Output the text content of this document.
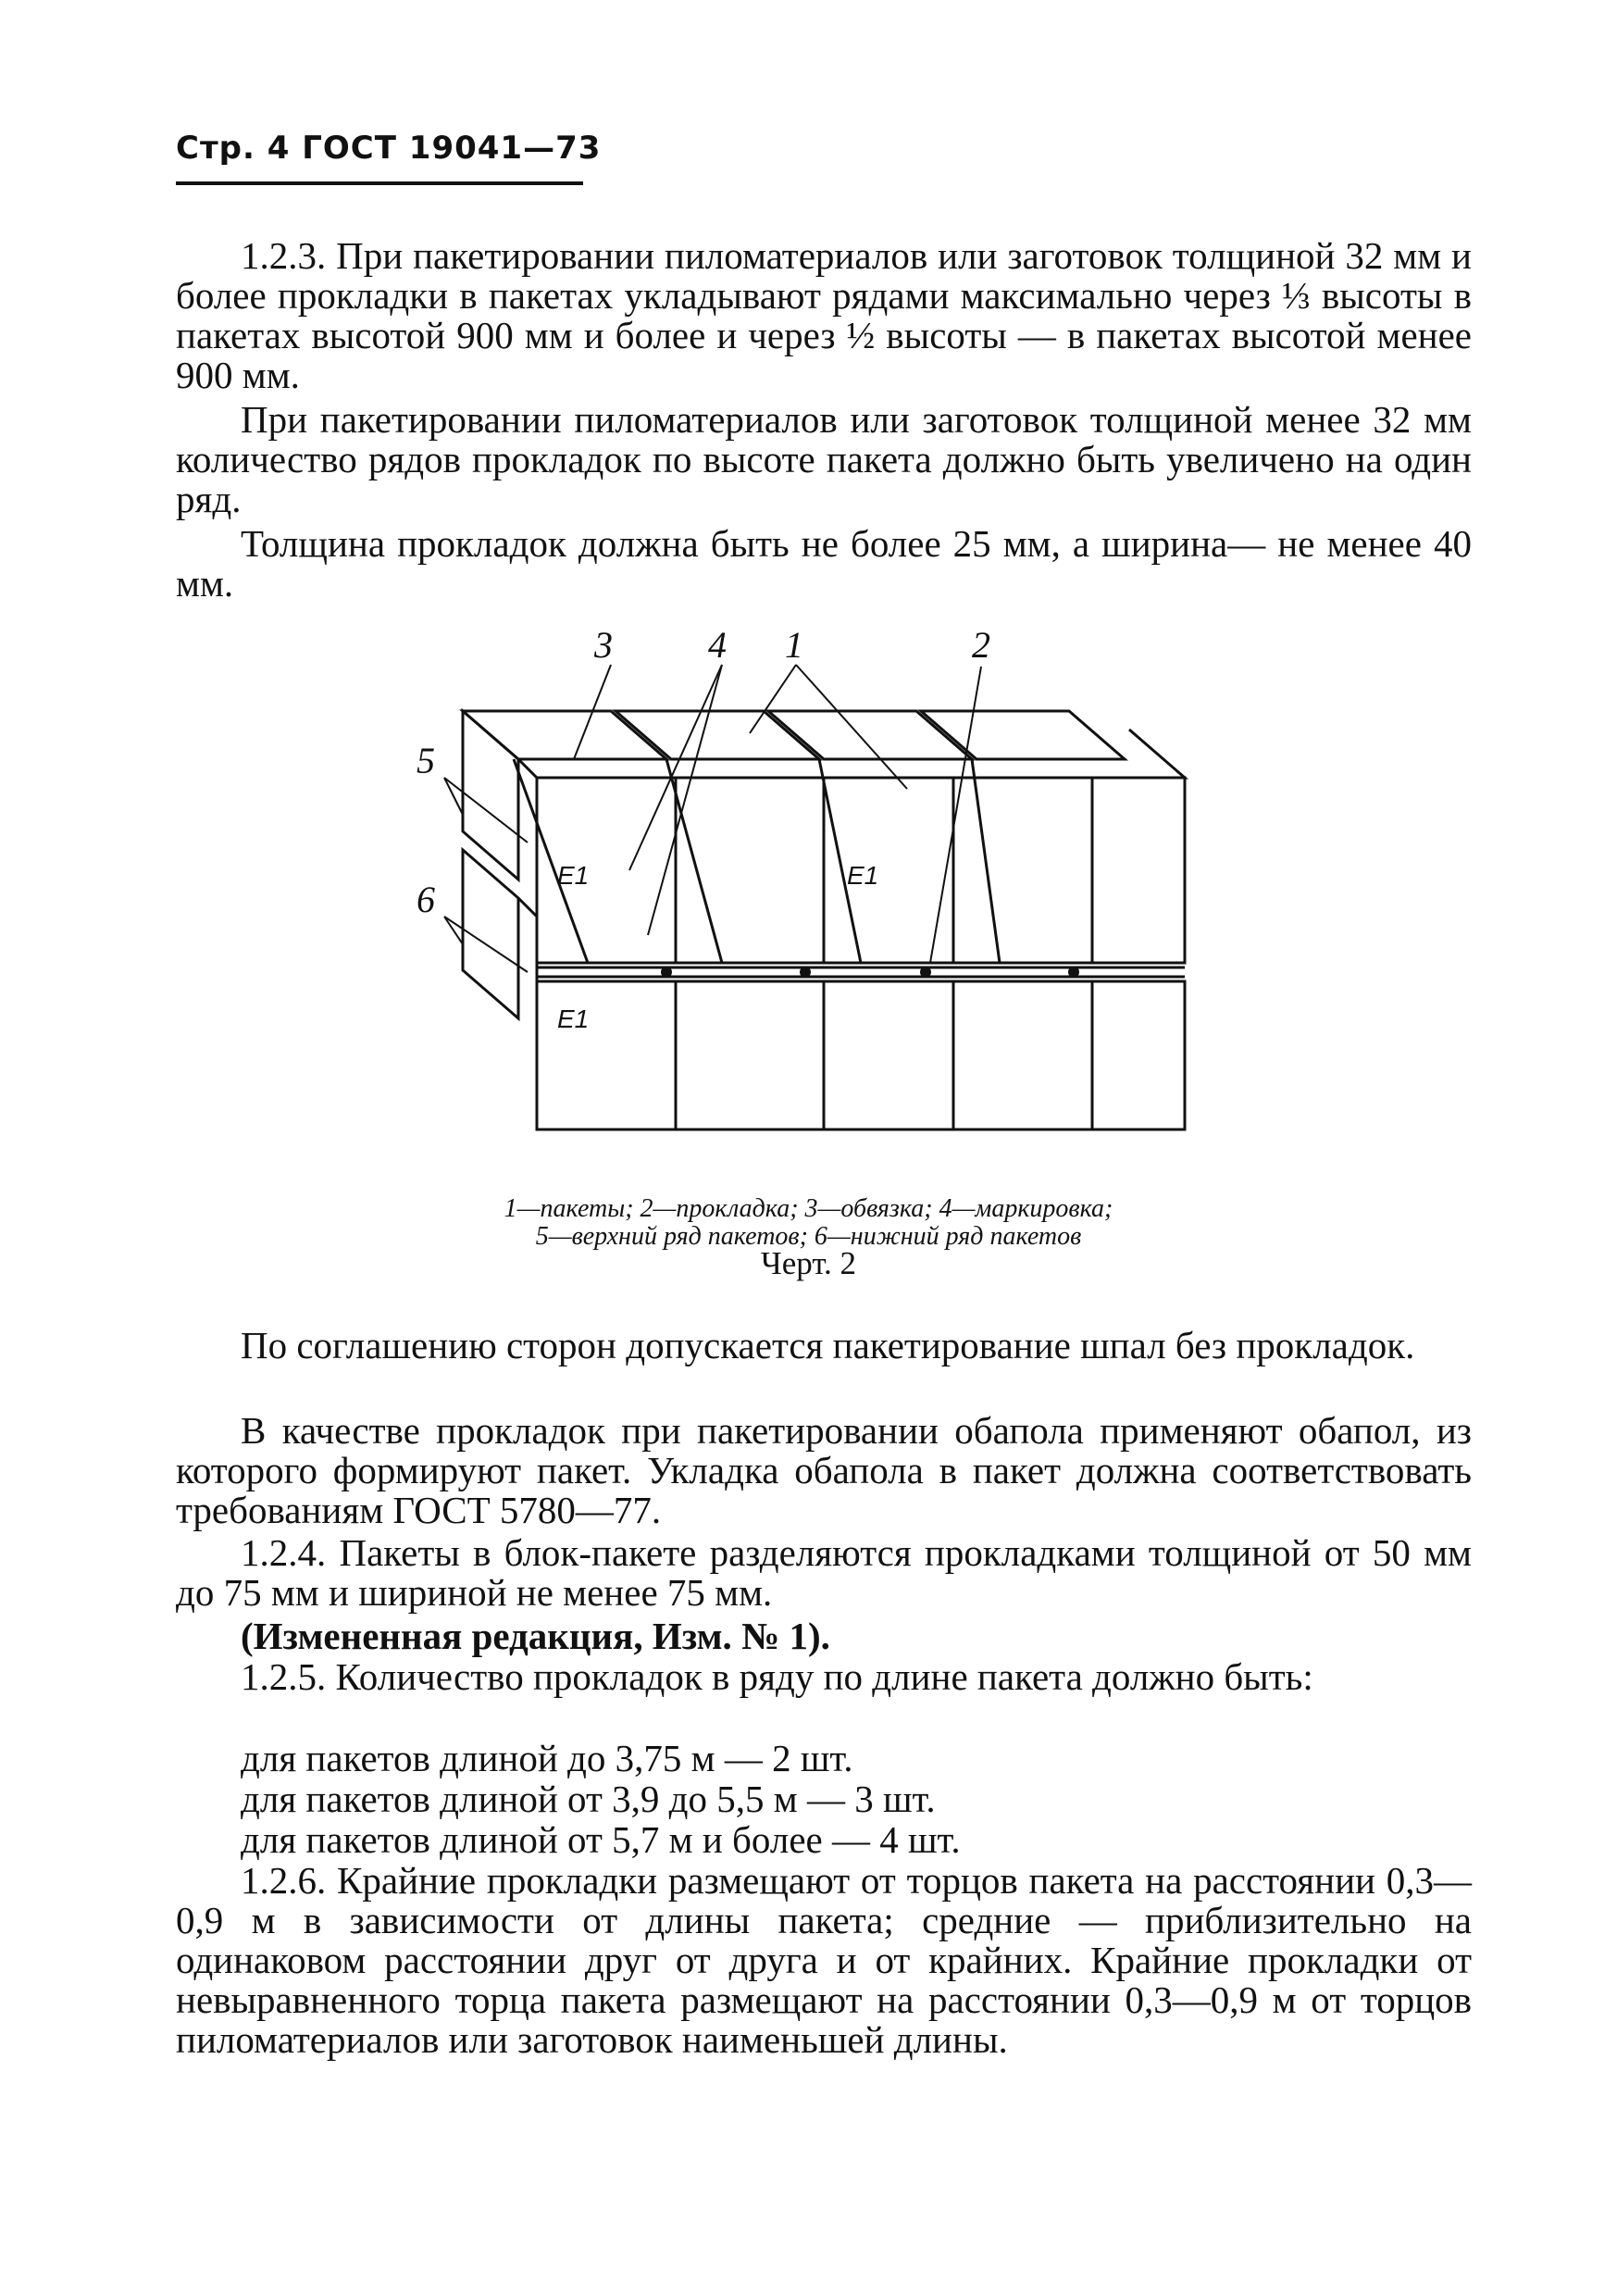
Стр. 4 ГОСТ 19041—73

1.2.3. При пакетировании пиломатериалов или заготовок толщиной 32 мм и более прокладки в пакетах укладывают рядами максимально через ⅓ высоты в пакетах высотой 900 мм и более и через ½ высоты — в пакетах высотой менее 900 мм.

При пакетировании пиломатериалов или заготовок толщиной менее 32 мм количество рядов прокладок по высоте пакета должно быть увеличено на один ряд.

Толщина прокладок должна быть не более 25 мм, а ширина— не менее 40 мм.

3	4 1	2
5
6
Е1	Е1
Е1
1—пакеты; 2—прокладка; 3—обвязка; 4—маркировка;
5—верхний ряд пакетов; 6—нижний ряд пакетов
Черт. 2

По соглашению сторон допускается пакетирование шпал без прокладок.

В качестве прокладок при пакетировании обапола применяют обапол, из которого формируют пакет. Укладка обапола в пакет должна соответствовать требованиям ГОСТ 5780—77.

1.2.4. Пакеты в блок-пакете разделяются прокладками толщиной от 50 мм до 75 мм и шириной не менее 75 мм.

(Измененная редакция, Изм. № 1).

1.2.5. Количество прокладок в ряду по длине пакета должно быть:

для пакетов длиной до 3,75 м — 2 шт.

для пакетов длиной от 3,9 до 5,5 м — 3 шт.

для пакетов длиной от 5,7 м и более — 4 шт.

1.2.6. Крайние прокладки размещают от торцов пакета на расстоянии 0,3—0,9 м в зависимости от длины пакета; средние — приблизительно на одинаковом расстоянии друг от друга и от крайних. Крайние прокладки от невыравненного торца пакета размещают на расстоянии 0,3—0,9 м от торцов пиломатериалов или заготовок наименьшей длины.
